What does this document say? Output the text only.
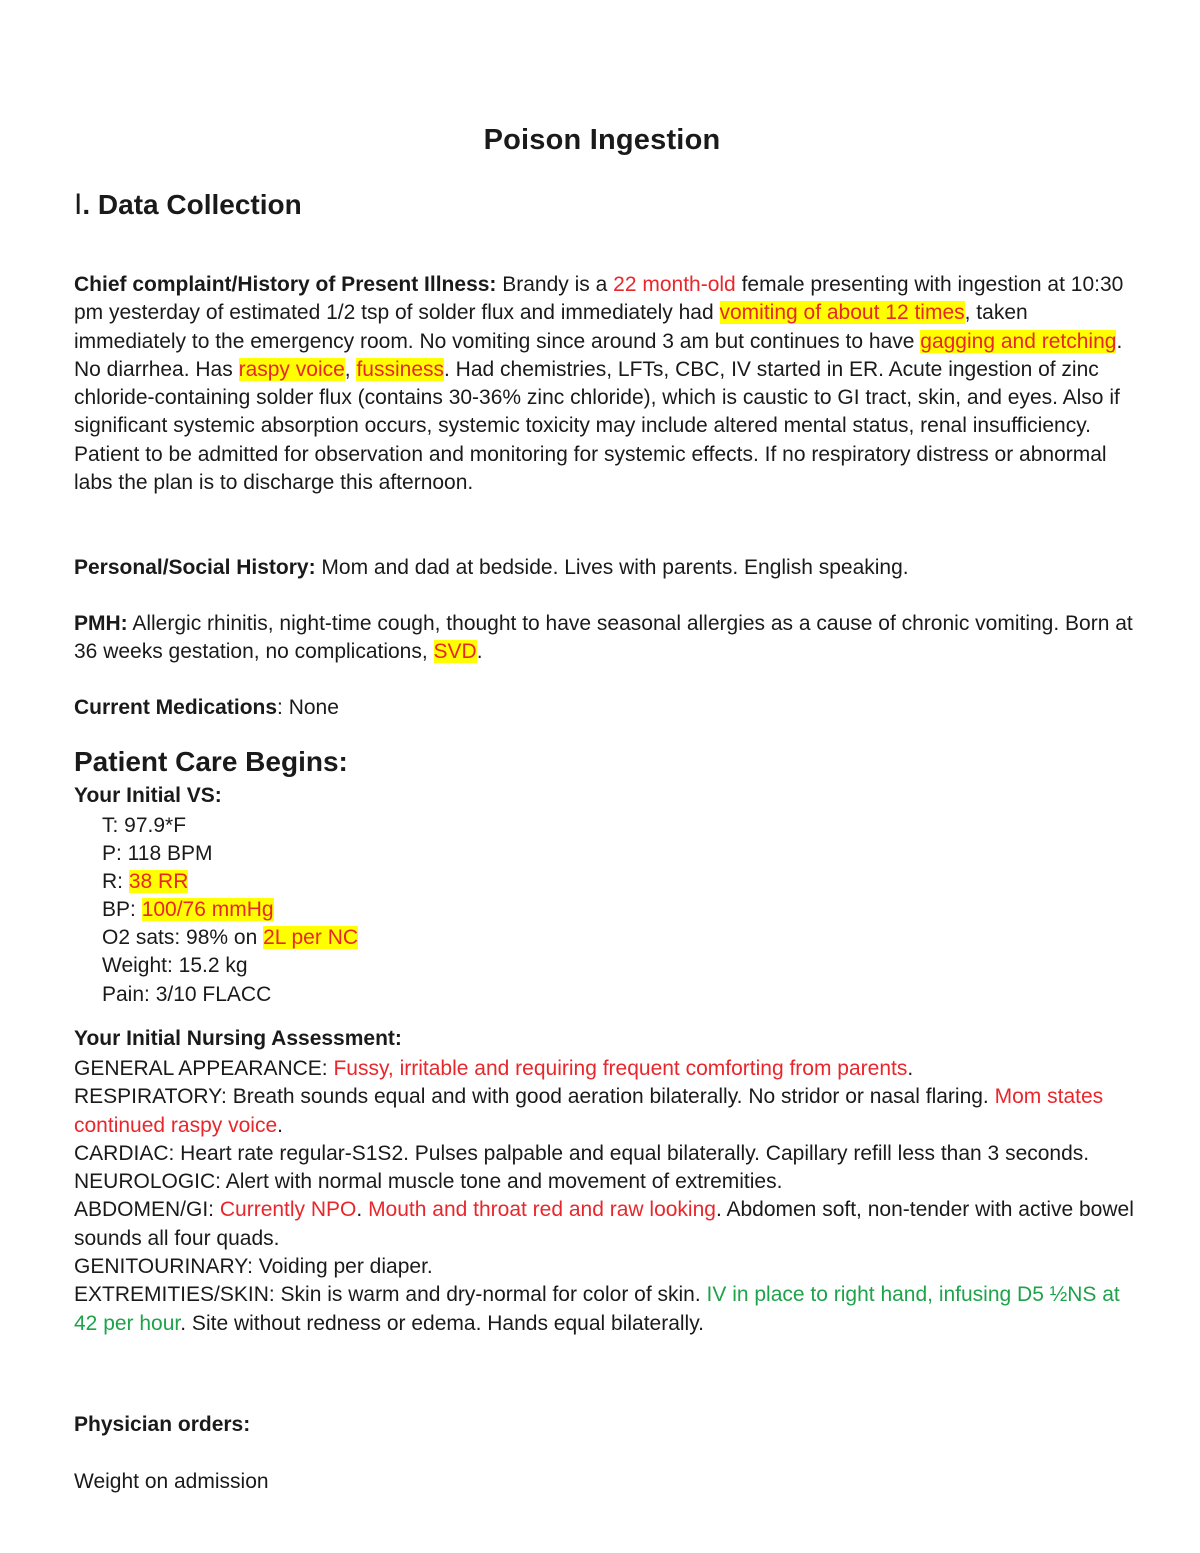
Poison Ingestion
I. Data Collection

Chief complaint/History of Present Illness: Brandy is a 22 month-old female presenting with ingestion at 10:30 pm yesterday of estimated 1/2 tsp of solder flux and immediately had vomiting of about 12 times, taken immediately to the emergency room. No vomiting since around 3 am but continues to have gagging and retching. No diarrhea. Has raspy voice, fussiness. Had chemistries, LFTs, CBC, IV started in ER. Acute ingestion of zinc chloride-containing solder flux (contains 30-36% zinc chloride), which is caustic to GI tract, skin, and eyes. Also if significant systemic absorption occurs, systemic toxicity may include altered mental status, renal insufficiency. Patient to be admitted for observation and monitoring for systemic effects. If no respiratory distress or abnormal labs the plan is to discharge this afternoon.

Personal/Social History: Mom and dad at bedside. Lives with parents. English speaking.

PMH: Allergic rhinitis, night-time cough, thought to have seasonal allergies as a cause of chronic vomiting. Born at 36 weeks gestation, no complications, SVD.

Current Medications: None

Patient Care Begins:

Your Initial VS:

T: 97.9*F
P: 118 BPM
R: 38 RR
BP: 100/76 mmHg
O2 sats: 98% on 2L per NC
Weight: 15.2 kg
Pain: 3/10 FLACC

Your Initial Nursing Assessment:

GENERAL APPEARANCE: Fussy, irritable and requiring frequent comforting from parents.
RESPIRATORY: Breath sounds equal and with good aeration bilaterally. No stridor or nasal flaring. Mom states continued raspy voice.
CARDIAC: Heart rate regular-S1S2. Pulses palpable and equal bilaterally. Capillary refill less than 3 seconds.
NEUROLOGIC: Alert with normal muscle tone and movement of extremities.
ABDOMEN/GI: Currently NPO. Mouth and throat red and raw looking. Abdomen soft, non-tender with active bowel sounds all four quads.
GENITOURINARY: Voiding per diaper.
EXTREMITIES/SKIN: Skin is warm and dry-normal for color of skin. IV in place to right hand, infusing D5 ½NS at 42 per hour. Site without redness or edema. Hands equal bilaterally.

Physician orders:

Weight on admission
